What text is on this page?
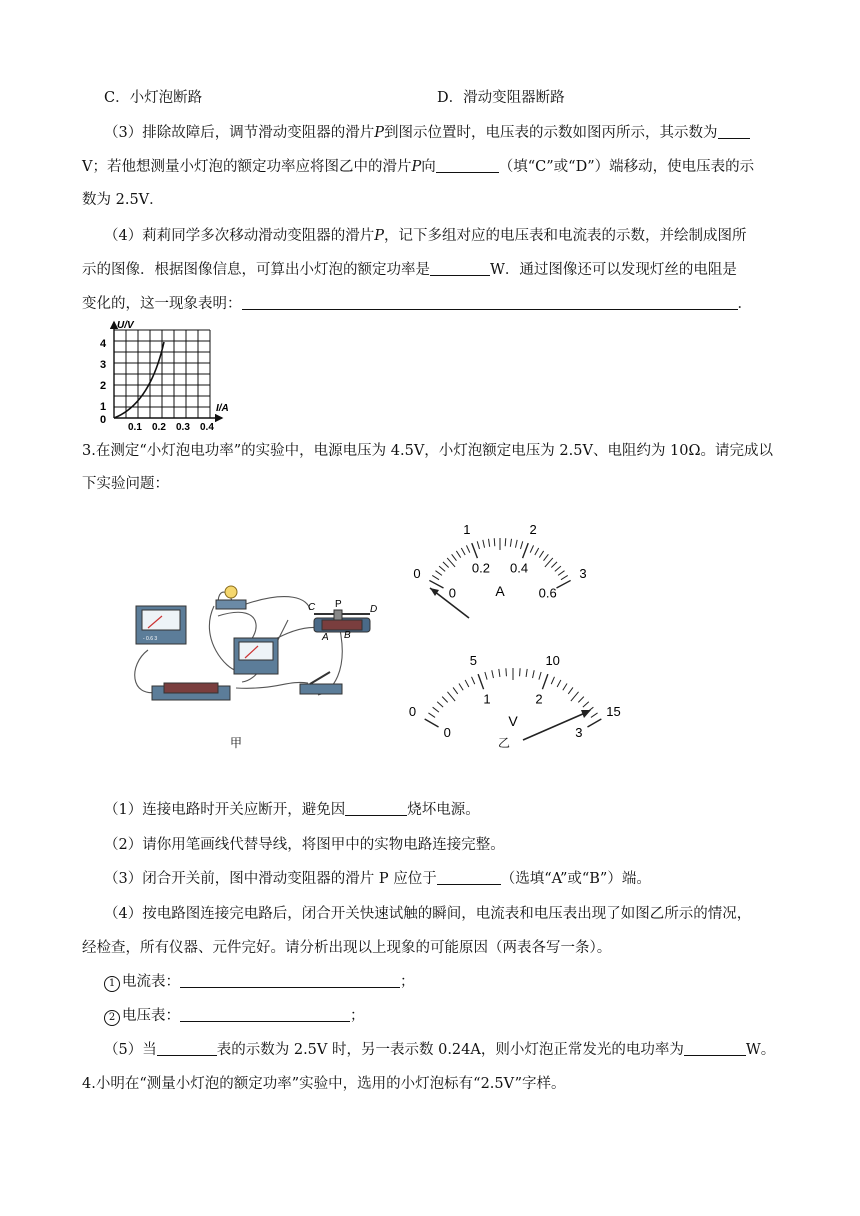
C．小灯泡断路	D．滑动变阻器断路
（3）排除故障后，调节滑动变阻器的滑片P到图示位置时，电压表的示数如图丙所示，其示数为
V；若他想测量小灯泡的额定功率应将图乙中的滑片P向	（填“C”或“D”）端移动，使电压表的示
数为 2.5V．
（4）莉莉同学多次移动滑动变阻器的滑片P，记下多组对应的电压表和电流表的示数，并绘制成图所
示的图像．根据图像信息，可算出小灯泡的额定功率是	W．通过图像还可以发现灯丝的电阻是
变化的，这一现象表明：	．
U/V
I/A
4
3
2
1
0
0.1 0.2 0.3 0.4
3.在测定“小灯泡电功率”的实验中，电源电压为 4.5V，小灯泡额定电压为 2.5V、电阻约为 10Ω。请完成以
下实验问题：
- 0.6 3
C P	D
A B
甲
0
0
1
0.2
2
0.4	3
0.6
A
0
0
5
1
10
2
15
3
V
乙
（1）连接电路时开关应断开，避免因	烧坏电源。
（2）请你用笔画线代替导线，将图甲中的实物电路连接完整。
（3）闭合开关前，图中滑动变阻器的滑片 P 应位于	（选填“A”或“B”）端。
（4）按电路图连接完电路后，闭合开关快速试触的瞬间，电流表和电压表出现了如图乙所示的情况，
经检查，所有仪器、元件完好。请分析出现以上现象的可能原因（两表各写一条）。
1 电流表：	；
2 电压表：	；
（5）当	表的示数为 2.5V 时，另一表示数 0.24A，则小灯泡正常发光的电功率为	W。
4.小明在“测量小灯泡的额定功率”实验中，选用的小灯泡标有“2.5V”字样。
